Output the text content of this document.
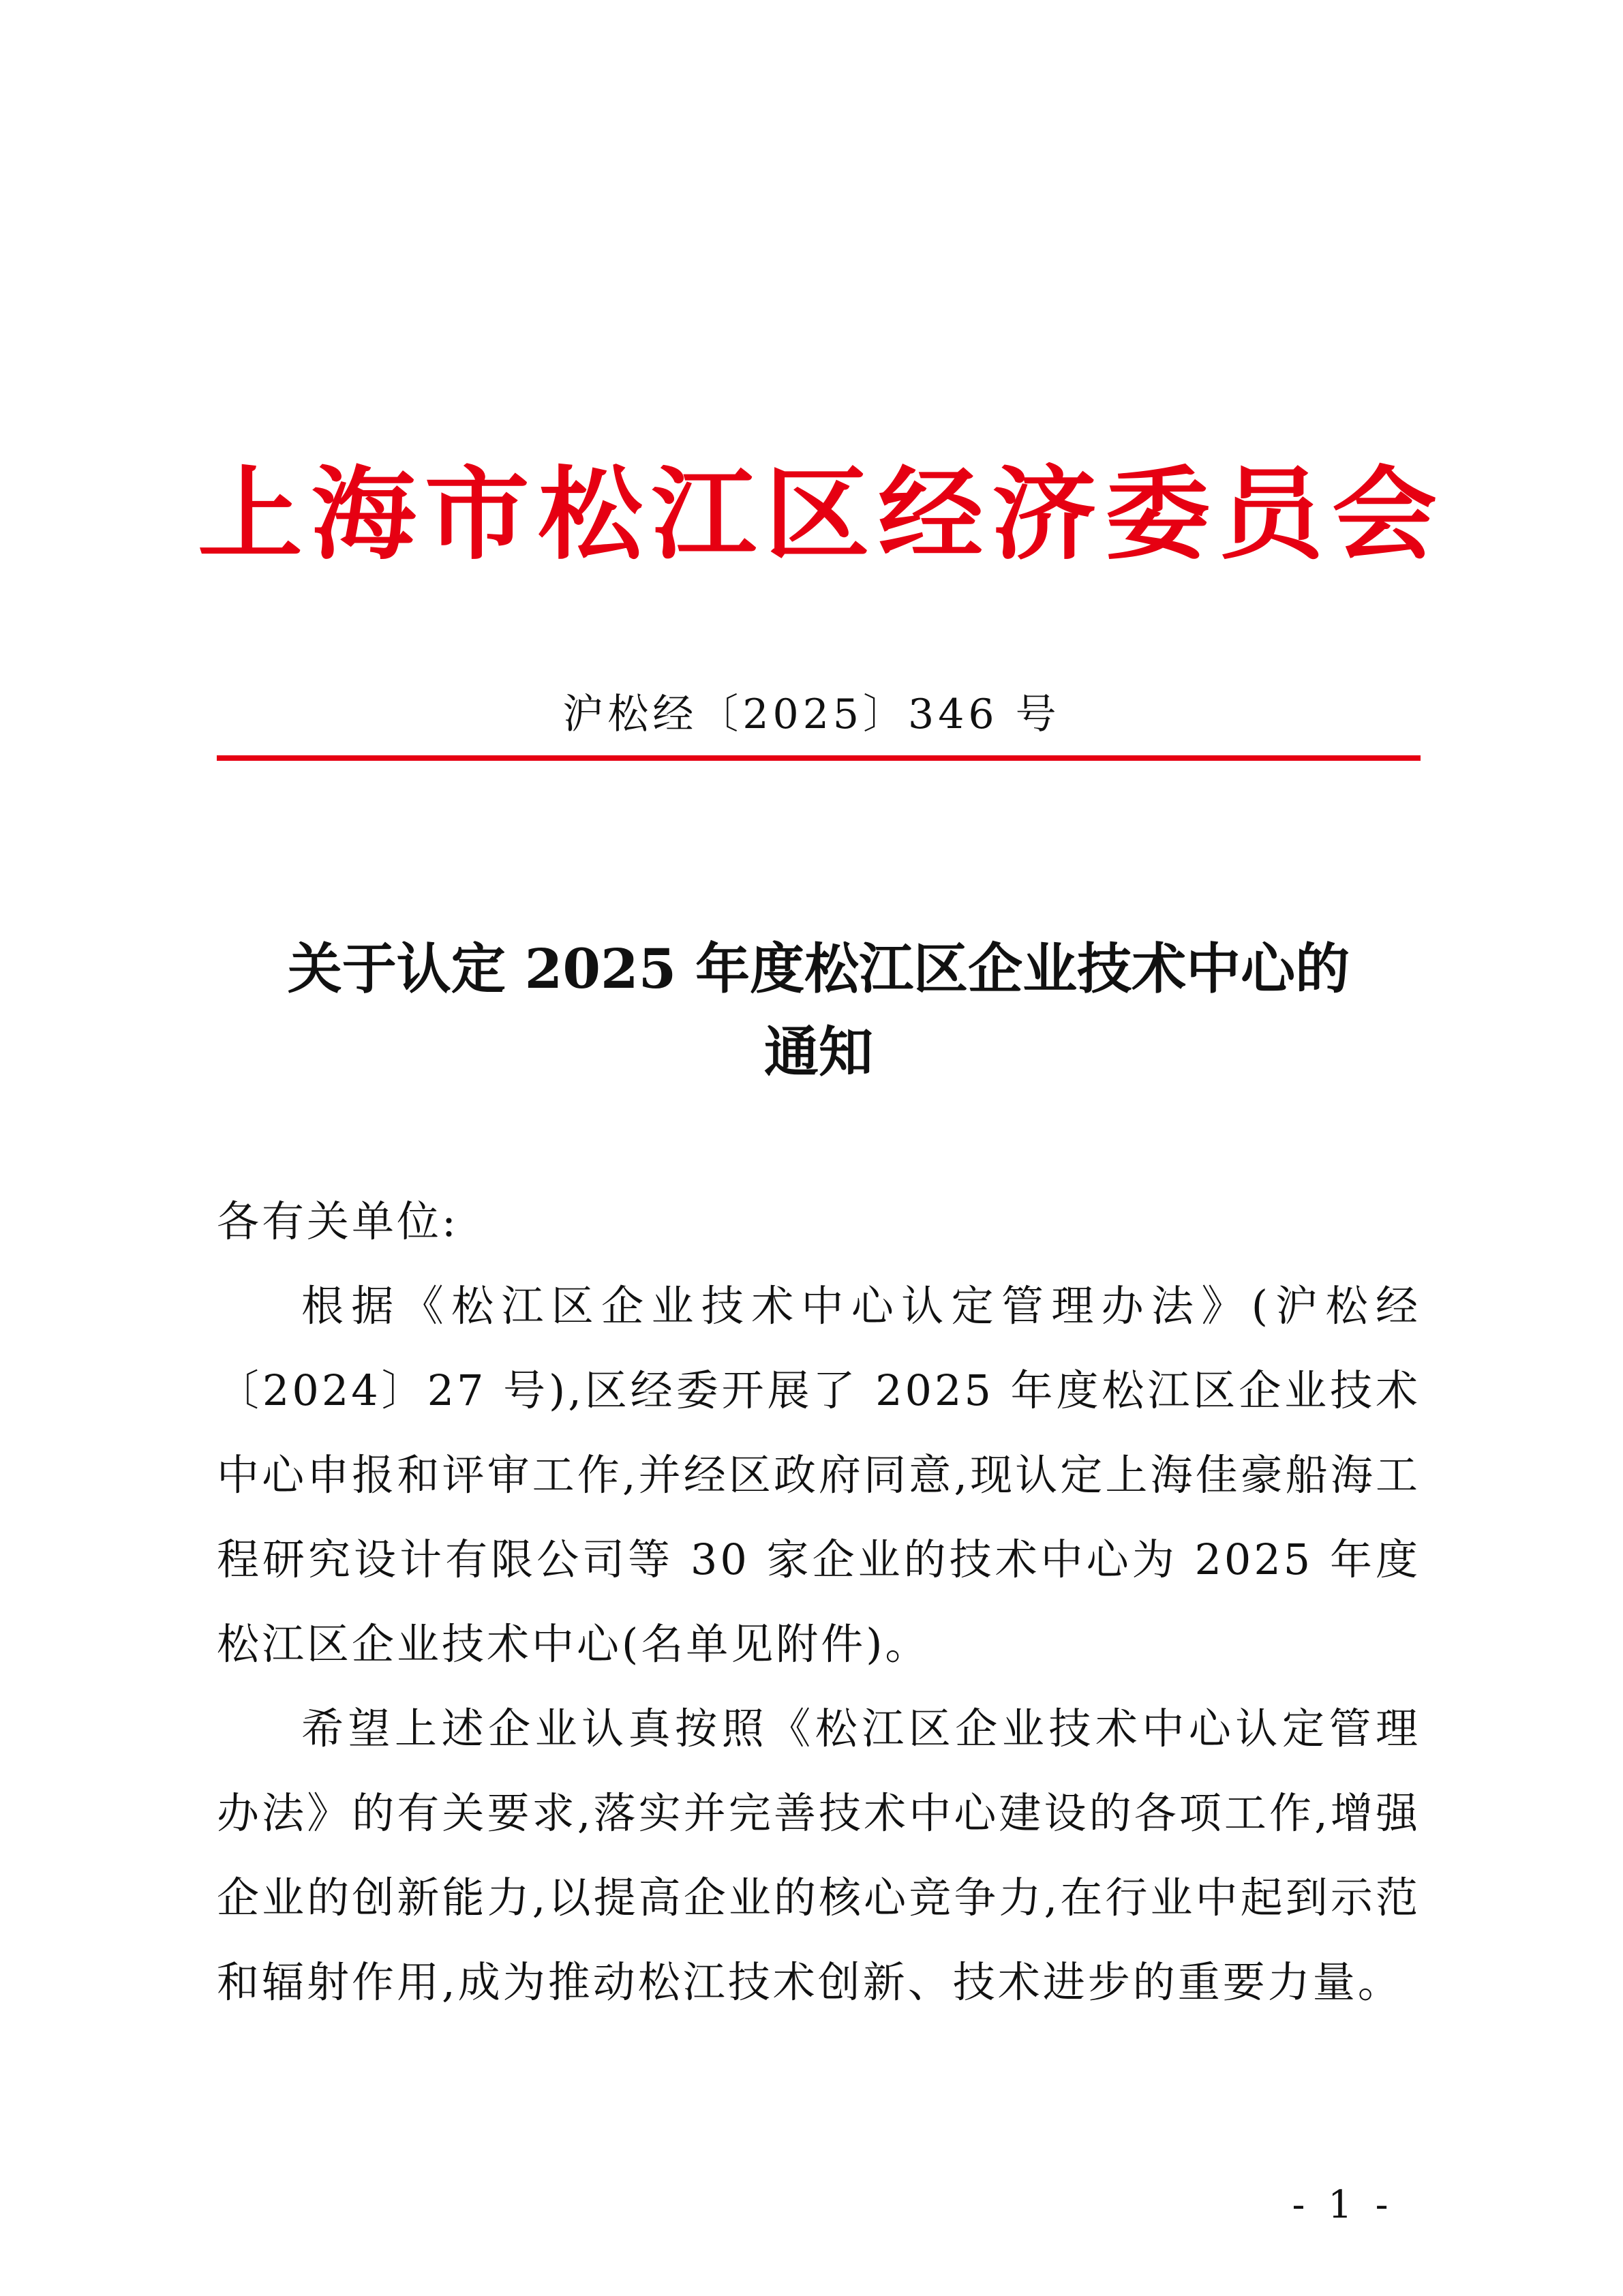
上海市松江区经济委员会
沪松经〔2025〕346 号
关于认定 2025 年度松江区企业技术中心的
通知

各有关单位:

根据《松江区企业技术中心认定管理办法》(沪松经〔2024〕27 号),区经委开展了 2025 年度松江区企业技术中心申报和评审工作,并经区政府同意,现认定上海佳豪船海工程研究设计有限公司等 30 家企业的技术中心为 2025 年度松江区企业技术中心(名单见附件)。

希望上述企业认真按照《松江区企业技术中心认定管理办法》的有关要求,落实并完善技术中心建设的各项工作,增强企业的创新能力,以提高企业的核心竞争力,在行业中起到示范和辐射作用,成为推动松江技术创新、技术进步的重要力量。

- 1 -
